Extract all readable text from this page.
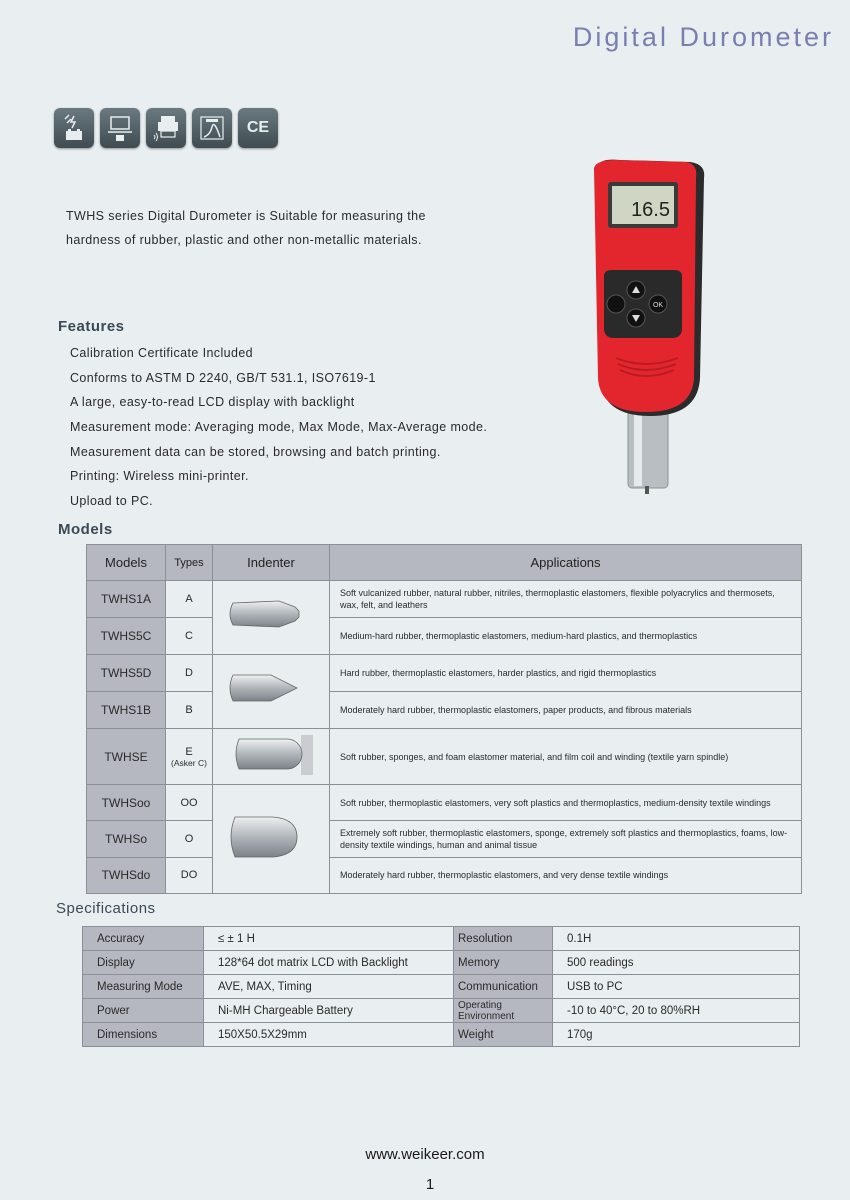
Digital Durometer
CE

TWHS series Digital Durometer is Suitable for measuring the

hardness of rubber, plastic and other non-metallic materials.

16.5
OK
Features
Calibration Certificate Included
Conforms to ASTM D 2240, GB/T 531.1, ISO7619-1
A large, easy-to-read LCD display with backlight
Measurement mode: Averaging mode, Max Mode, Max-Average mode.
Measurement data can be stored, browsing and batch printing.
Printing: Wireless mini-printer.
Upload to PC.
Models
Models	Types	Indenter	Applications
TWHS1A	A		Soft vulcanized rubber, natural rubber, nitriles, thermoplastic elastomers, flexible polyacrylics and thermosets, wax, felt, and leathers
TWHS5C	C		Medium-hard rubber, thermoplastic elastomers, medium-hard plastics, and thermoplastics
TWHS5D	D		Hard rubber, thermoplastic elastomers, harder plastics, and rigid thermoplastics
TWHS1B	B		Moderately hard rubber, thermoplastic elastomers, paper products, and fibrous materials
TWHSE	E
(Asker C)		Soft rubber, sponges, and foam elastomer material, and film coil and winding (textile yarn spindle)
TWHSoo	OO		Soft rubber, thermoplastic elastomers, very soft plastics and thermoplastics, medium-density textile windings
TWHSo	O		Extremely soft rubber, thermoplastic elastomers, sponge, extremely soft plastics and thermoplastics, foams, low-density textile windings, human and animal tissue
TWHSdo	DO		Moderately hard rubber, thermoplastic elastomers, and very dense textile windings
Specifications
Accuracy	≤ ± 1 H	Resolution	0.1H
Display	128*64 dot matrix LCD with Backlight	Memory	500 readings
Measuring Mode	AVE, MAX, Timing	Communication	USB to PC
Power	Ni-MH Chargeable Battery	Operating Environment	-10 to 40°C, 20 to 80%RH
Dimensions	150X50.5X29mm	Weight	170g
www.weikeer.com
1
